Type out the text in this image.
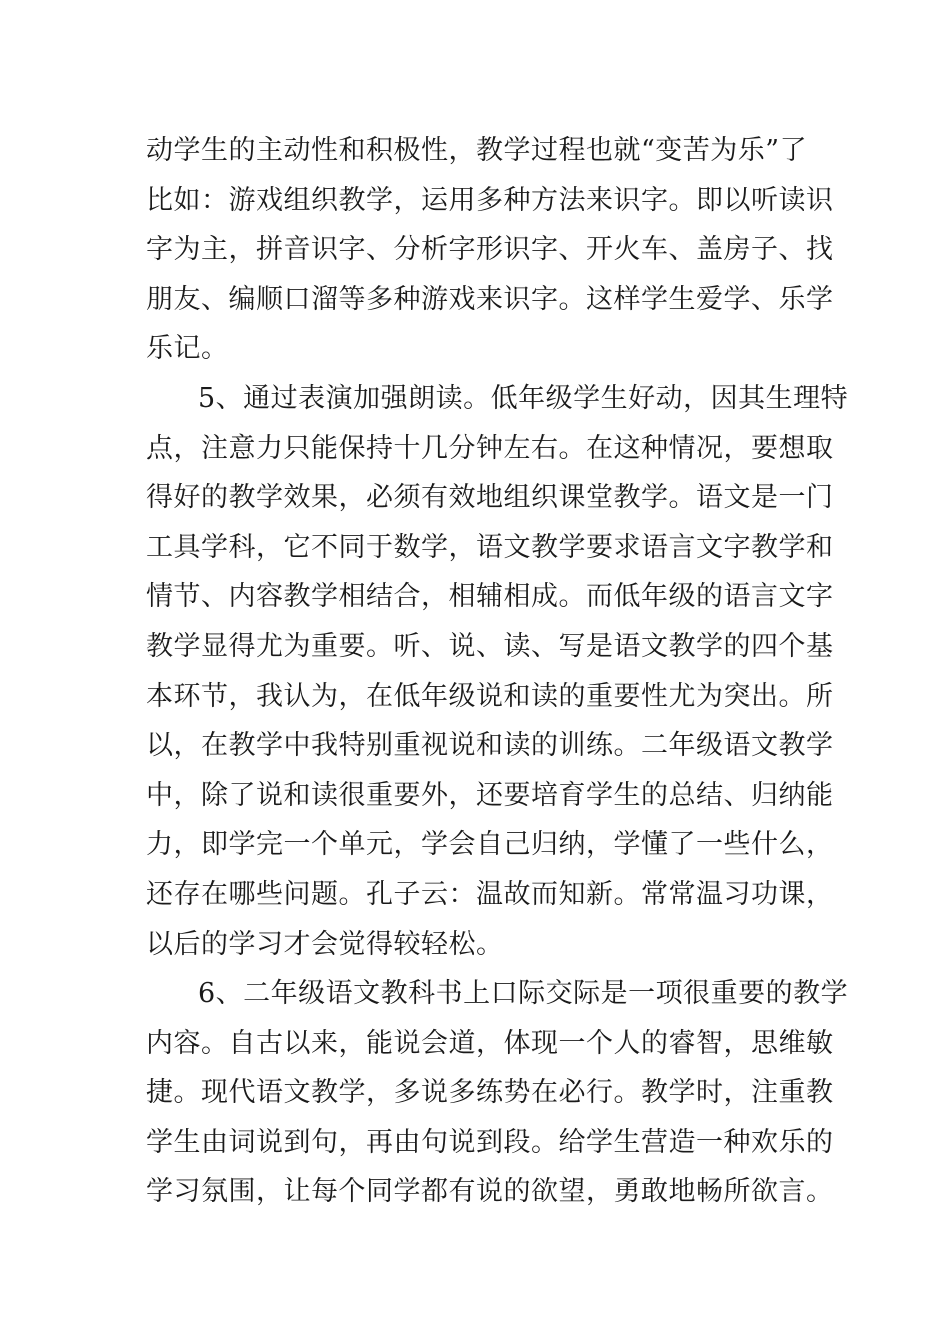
动学生的主动性和积极性，教学过程也就“变苦为乐”了
比如：游戏组织教学，运用多种方法来识字。即以听读识
字为主，拼音识字、分析字形识字、开火车、盖房子、找
朋友、编顺口溜等多种游戏来识字。这样学生爱学、乐学
乐记。
5、通过表演加强朗读。低年级学生好动，因其生理特
点，注意力只能保持十几分钟左右。在这种情况，要想取
得好的教学效果，必须有效地组织课堂教学。语文是一门
工具学科，它不同于数学，语文教学要求语言文字教学和
情节、内容教学相结合，相辅相成。而低年级的语言文字
教学显得尤为重要。听、说、读、写是语文教学的四个基
本环节，我认为，在低年级说和读的重要性尤为突出。所
以，在教学中我特别重视说和读的训练。二年级语文教学
中，除了说和读很重要外，还要培育学生的总结、归纳能
力，即学完一个单元，学会自己归纳，学懂了一些什么，
还存在哪些问题。孔子云：温故而知新。常常温习功课，
以后的学习才会觉得较轻松。
6、二年级语文教科书上口际交际是一项很重要的教学
内容。自古以来，能说会道，体现一个人的睿智，思维敏
捷。现代语文教学，多说多练势在必行。教学时，注重教
学生由词说到句，再由句说到段。给学生营造一种欢乐的
学习氛围，让每个同学都有说的欲望，勇敢地畅所欲言。
